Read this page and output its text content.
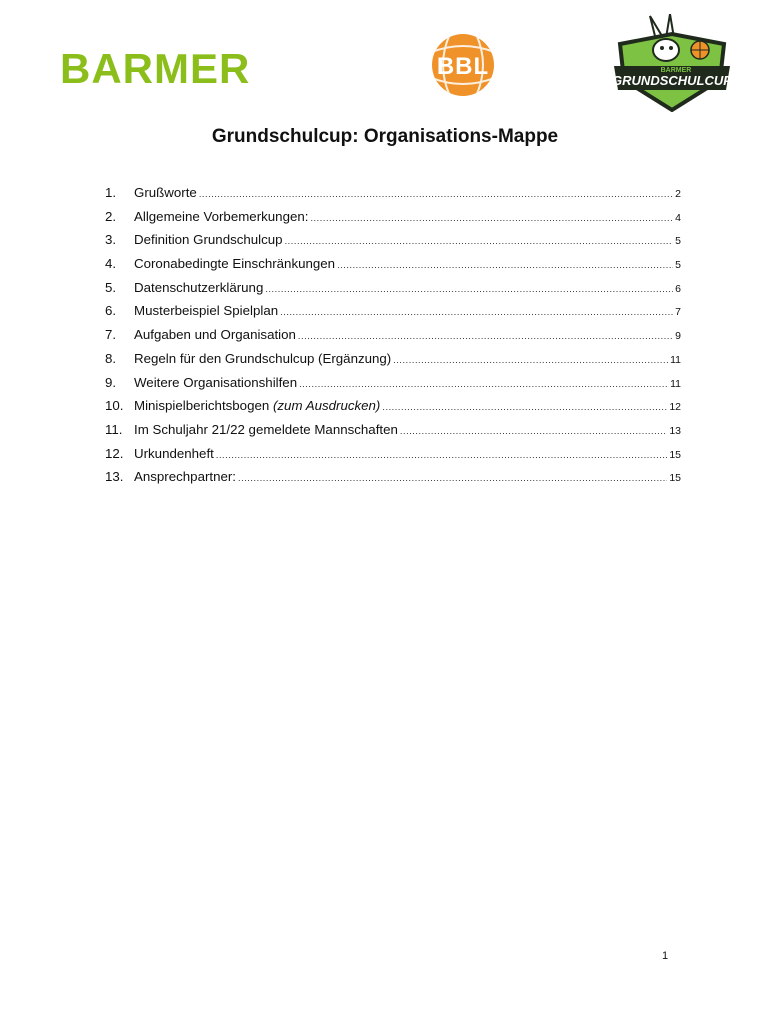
BARMER	BBL	BARMER
GRUNDSCHULCUP
Grundschulcup: Organisations-Mappe
1.	Grußworte .....	2
2.	Allgemeine Vorbemerkungen: .....	4
3.	Definition Grundschulcup .....	5
4.	Coronabedingte Einschränkungen .....	5
5.	Datenschutzerklärung .....	6
6.	Musterbeispiel Spielplan .....	7
7.	Aufgaben und Organisation .....	9
8.	Regeln für den Grundschulcup (Ergänzung) .....	11
9.	Weitere Organisationshilfen .....	11
10. Minispielberichtsbogen (zum Ausdrucken) .....	12
11. Im Schuljahr 21/22 gemeldete Mannschaften .....	13
12. Urkundenheft .....	15
13. Ansprechpartner: .....	15
1
